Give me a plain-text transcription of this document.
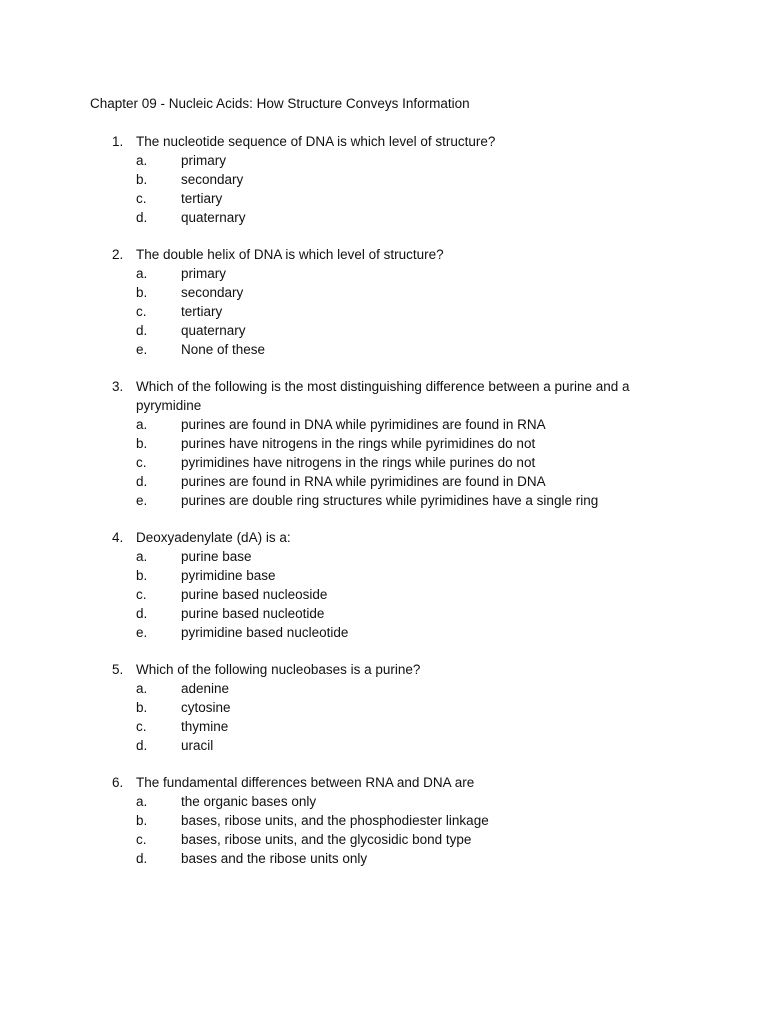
Chapter 09 - Nucleic Acids: How Structure Conveys Information
1. The nucleotide sequence of DNA is which level of structure?
a. primary
b. secondary
c.	tertiary
d. quaternary
2. The double helix of DNA is which level of structure?
a. primary
b. secondary
c.	tertiary
d. quaternary
e. None of these
3. Which of the following is the most distinguishing difference between a purine and a pyrymidine
a. purines are found in DNA while pyrimidines are found in RNA
b. purines have nitrogens in the rings while pyrimidines do not
c.	pyrimidines have nitrogens in the rings while purines do not
d. purines are found in RNA while pyrimidines are found in DNA
e. purines are double ring structures while pyrimidines have a single ring
4. Deoxyadenylate (dA) is a:
a. purine base
b. pyrimidine base
c.	purine based nucleoside
d. purine based nucleotide
e. pyrimidine based nucleotide
5. Which of the following nucleobases is a purine?
a. adenine
b. cytosine
c.	thymine
d. uracil
6. The fundamental differences between RNA and DNA are
a. the organic bases only
b. bases, ribose units, and the phosphodiester linkage
c.	bases, ribose units, and the glycosidic bond type
d. bases and the ribose units only
